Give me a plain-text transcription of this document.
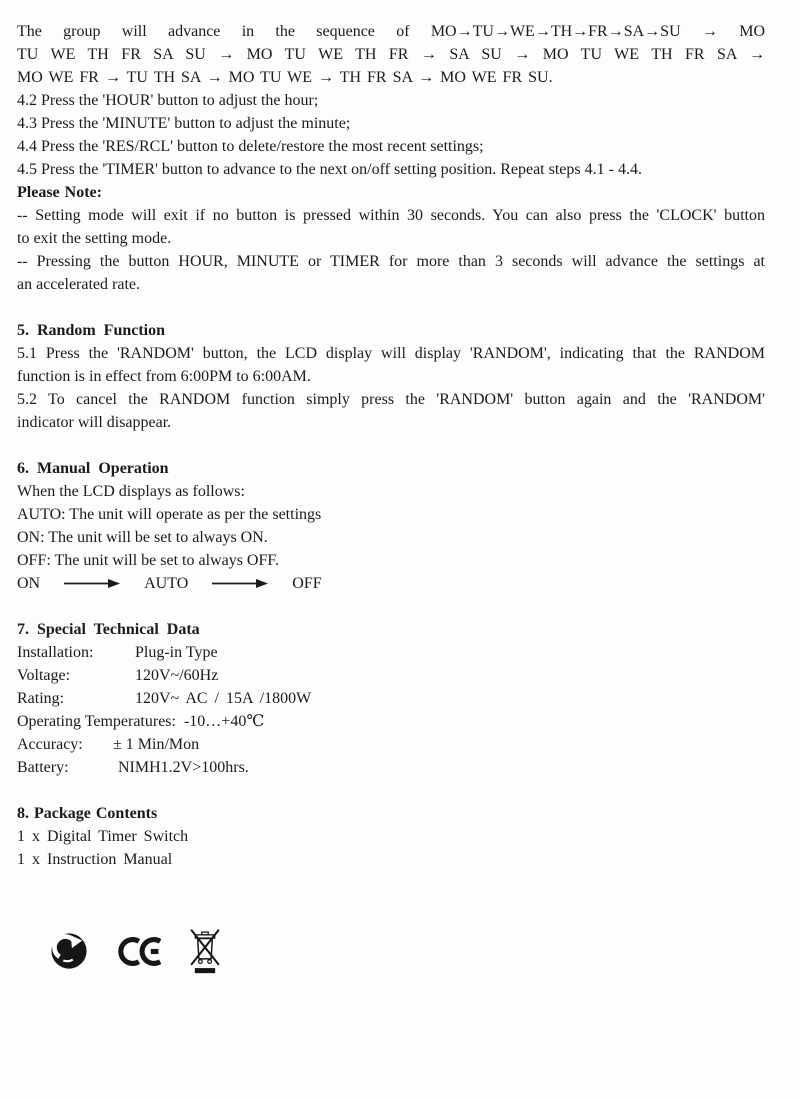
The group will advance in the sequence of MO→TU→WE→TH→FR→SA→SU → MO
TU WE TH FR SA SU → MO TU WE TH FR → SA SU → MO TU WE TH FR SA →
MO WE FR → TU TH SA → MO TU WE → TH FR SA → MO WE FR SU.
4.2 Press the 'HOUR' button to adjust the hour;
4.3 Press the 'MINUTE' button to adjust the minute;
4.4 Press the 'RES/RCL' button to delete/restore the most recent settings;
4.5 Press the 'TIMER' button to advance to the next on/off setting position. Repeat steps 4.1 - 4.4.
Please Note:
-- Setting mode will exit if no button is pressed within 30 seconds. You can also press the 'CLOCK' button
to exit the setting mode.
-- Pressing the button HOUR, MINUTE or TIMER for more than 3 seconds will advance the settings at
an accelerated rate.
5. Random Function
5.1 Press the 'RANDOM' button, the LCD display will display 'RANDOM', indicating that the RANDOM
function is in effect from 6:00PM to 6:00AM.
5.2 To cancel the RANDOM function simply press the 'RANDOM' button again and the 'RANDOM'
indicator will disappear.
6. Manual Operation
When the LCD displays as follows:
AUTO: The unit will operate as per the settings
ON: The unit will be set to always ON.
OFF: The unit will be set to always OFF.
ON	AUTO	OFF
7. Special Technical Data
Installation:	Plug-in Type
Voltage:	120V~/60Hz
Rating:	120V~ AC / 15A /1800W
Operating Temperatures: -10…+40℃
Accuracy: ± 1 Min/Mon
Battery:	NIMH1.2V>100hrs.
8. Package Contents
1 x Digital Timer Switch
1 x Instruction Manual
